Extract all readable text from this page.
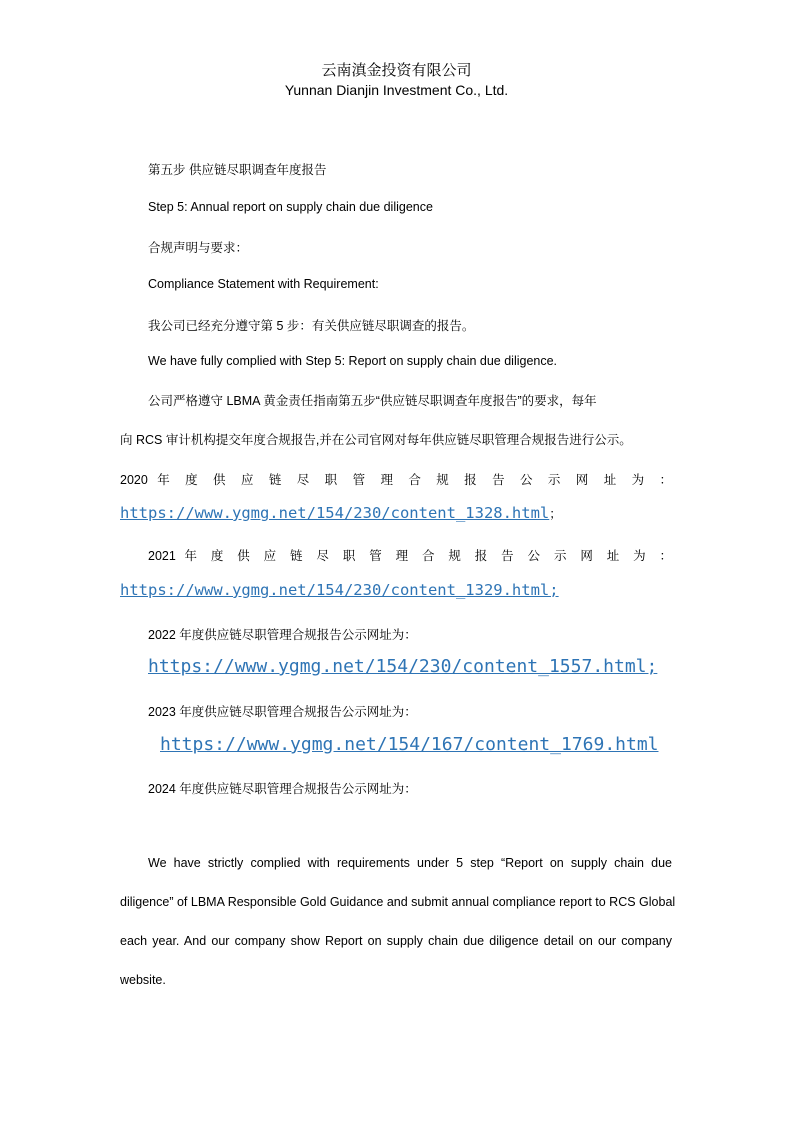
云南滇金投资有限公司
Yunnan Dianjin Investment Co., Ltd.
第五步 供应链尽职调查年度报告
Step 5: Annual report on supply chain due diligence
合规声明与要求：
Compliance Statement with Requirement:
我公司已经充分遵守第 5 步：有关供应链尽职调查的报告。
We have fully complied with Step 5: Report on supply chain due diligence.
公司严格遵守 LBMA 黄金责任指南第五步“供应链尽职调查年度报告”的要求，每年
向 RCS 审计机构提交年度合规报告,并在公司官网对每年供应链尽职管理合规报告进行公示。
2020 年 度 供 应 链 尽 职 管 理 合 规 报 告 公 示 网 址 为 ：
https://www.ygmg.net/154/230/content_1328.html；
2021 年 度 供 应 链 尽 职 管 理 合 规 报 告 公 示 网 址 为 ：
https://www.ygmg.net/154/230/content_1329.html;
2022 年度供应链尽职管理合规报告公示网址为：
https://www.ygmg.net/154/230/content_1557.html;
2023 年度供应链尽职管理合规报告公示网址为：
https://www.ygmg.net/154/167/content_1769.html
2024 年度供应链尽职管理合规报告公示网址为：
We have strictly complied with requirements under 5 step “Report on supply chain due
diligence” of LBMA Responsible Gold Guidance and submit annual compliance report to RCS Global
each year. And our company show Report on supply chain due diligence detail on our company
website.
